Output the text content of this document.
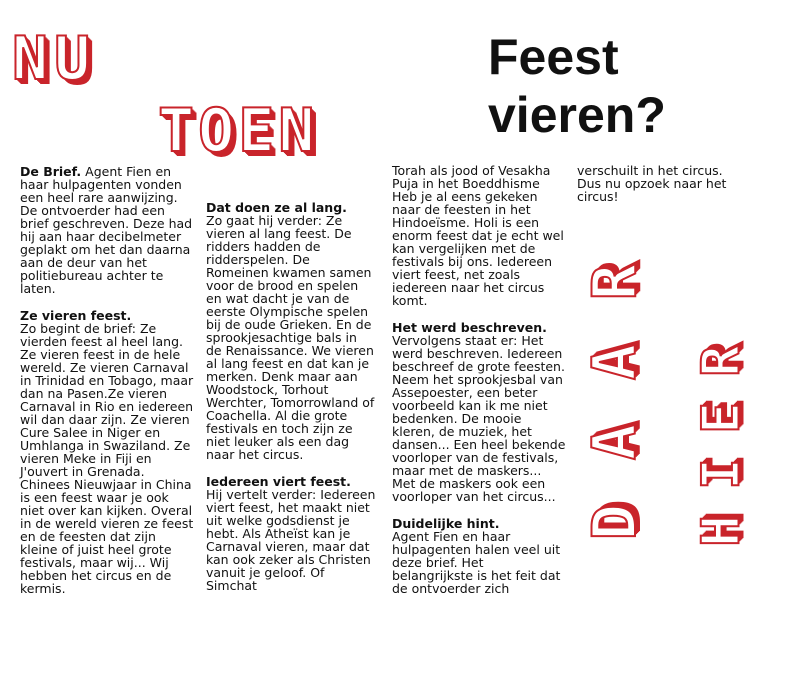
NU
TOEN
Feest
vieren?
R
A
A
D
R
E
I
H

De Brief. Agent Fien en haar hulpagenten vonden een heel rare aanwijzing. De ontvoerder had een brief geschreven. Deze had hij aan haar decibelmeter geplakt om het dan daarna aan de deur van het politiebureau achter te laten.

Ze vieren feest.

Zo begint de brief: Ze vierden feest al heel lang. Ze vieren feest in de hele wereld. Ze vieren Carnaval in Trinidad en Tobago, maar dan na Pasen.Ze vieren Carnaval in Rio en iedereen wil dan daar zijn. Ze vieren Cure Salee in Niger en Umhlanga in Swaziland. Ze vieren Meke in Fiji en J'ouvert in Grenada. Chinees Nieuwjaar in China is een feest waar je ook niet over kan kijken. Overal in de wereld vieren ze feest en de feesten dat zijn kleine of juist heel grote festivals, maar wij... Wij hebben het circus en de kermis.

Dat doen ze al lang.

Zo gaat hij verder: Ze vieren al lang feest. De ridders hadden de ridderspelen. De Romeinen kwamen samen voor de brood en spelen en wat dacht je van de eerste Olympische spelen bij de oude Grieken. En de sprookjesachtige bals in de Renaissance. We vieren al lang feest en dat kan je merken. Denk maar aan Woodstock, Torhout Werchter, Tomorrowland of Coachella. Al die grote festivals en toch zijn ze niet leuker als een dag naar het circus.

Iedereen viert feest.

Hij vertelt verder: Iedereen viert feest, het maakt niet uit welke godsdienst je hebt. Als Atheïst kan je Carnaval vieren, maar dat kan ook zeker als Christen vanuit je geloof. Of Simchat

Torah als jood of Vesakha Puja in het Boeddhisme Heb je al eens gekeken naar de feesten in het Hindoeïsme. Holi is een enorm feest dat je echt wel kan vergelijken met de festivals bij ons. Iedereen viert feest, net zoals iedereen naar het circus komt.

Het werd beschreven.

Vervolgens staat er: Het werd beschreven. Iedereen beschreef de grote feesten. Neem het sprookjesbal van Assepoester, een beter voorbeeld kan ik me niet bedenken. De mooie kleren, de muziek, het dansen... Een heel bekende voorloper van de festivals, maar met de maskers... Met de maskers ook een voorloper van het circus...

Duidelijke hint.

Agent Fien en haar hulpagenten halen veel uit deze brief. Het belangrijkste is het feit dat de ontvoerder zich

verschuilt in het circus. Dus nu opzoek naar het circus!
